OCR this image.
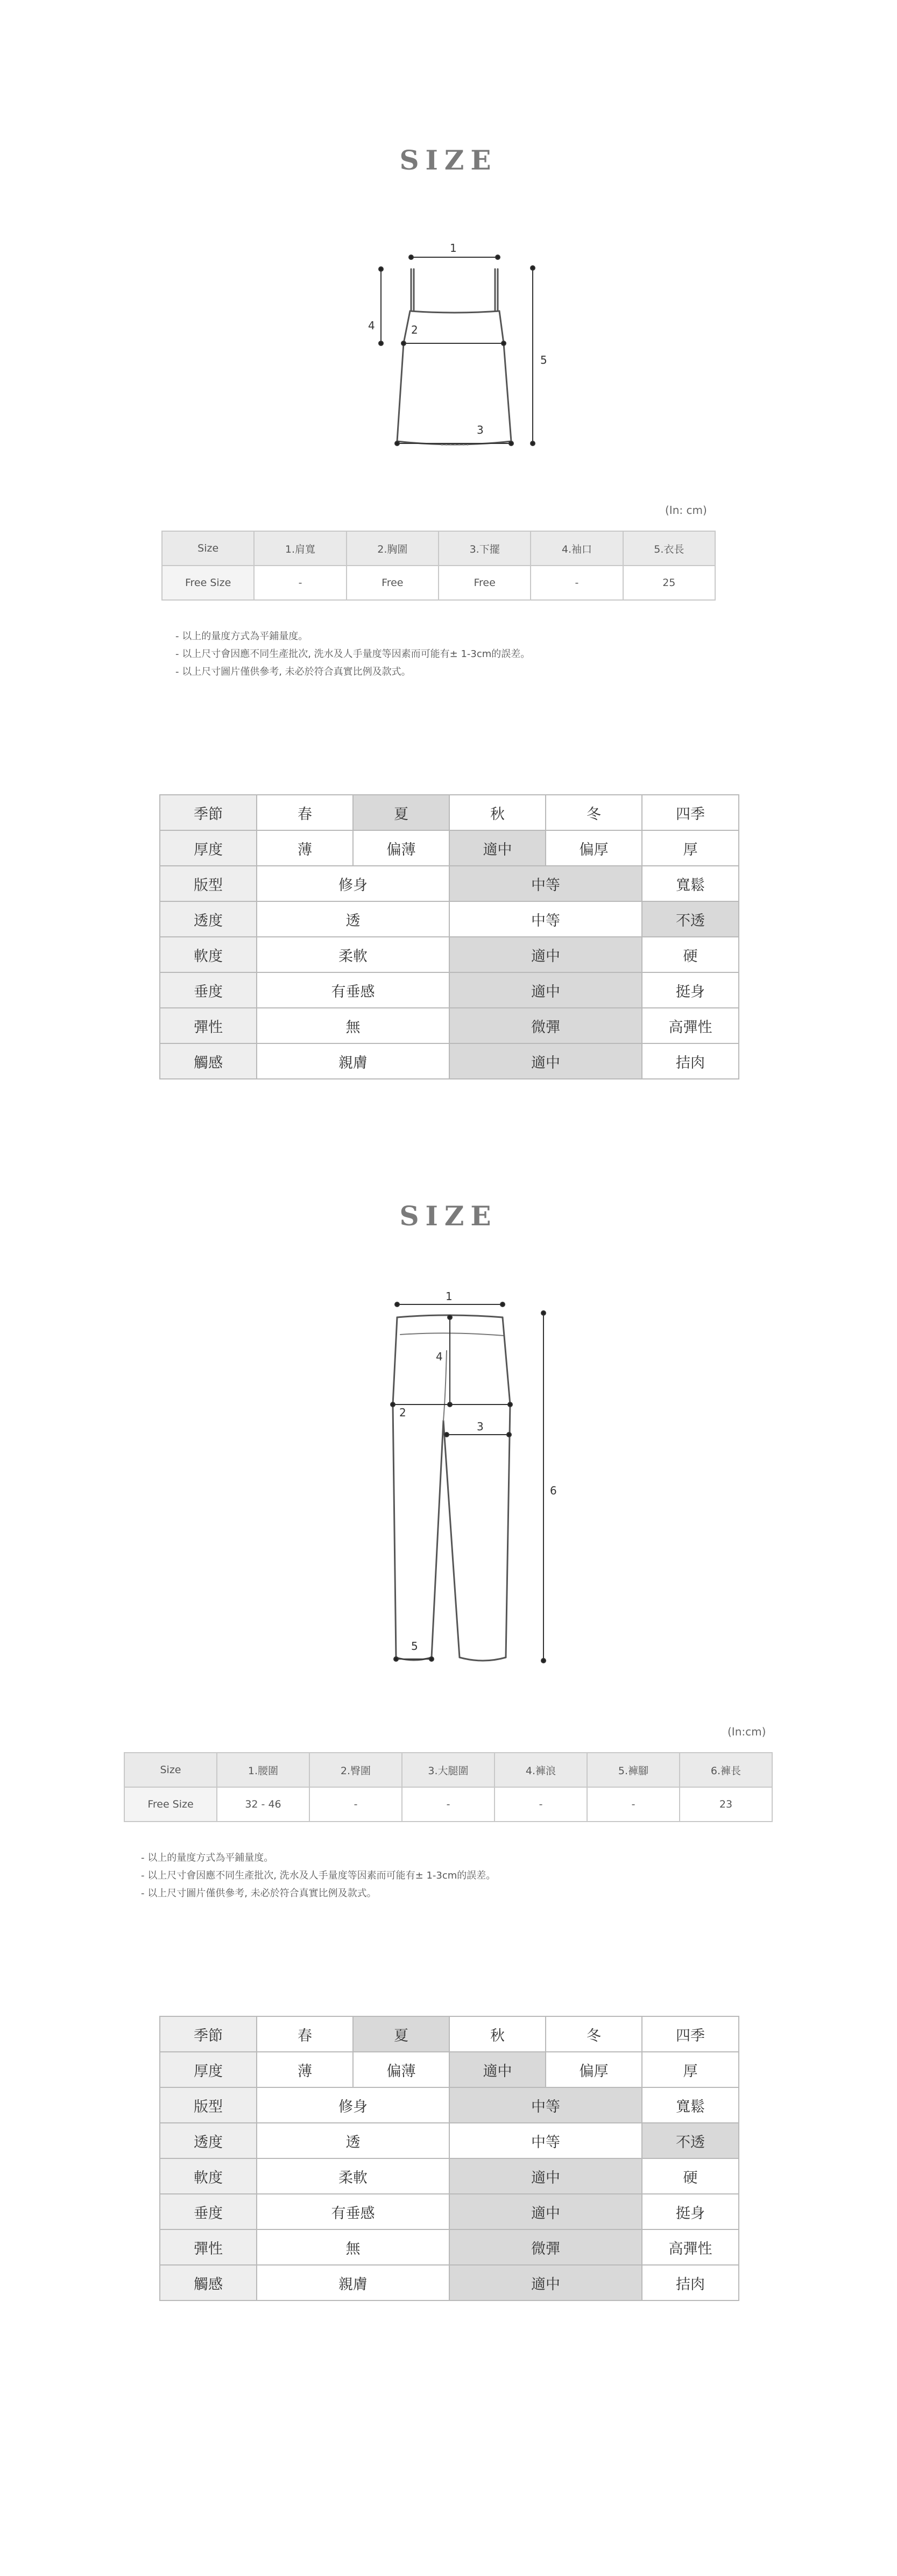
SIZE
1
2
3
4
5
(In: cm)
Size	1.肩寬	2.胸圍	3.下擺	4.袖口	5.衣長
Free Size	-	Free	Free	-	25
- 以上的量度方式為平鋪量度。
- 以上尺寸會因應不同生產批次, 洗水及人手量度等因素而可能有± 1-3cm的誤差。
- 以上尺寸圖片僅供參考, 未必於符合真實比例及款式。
季節	春	夏	秋	冬	四季
厚度	薄	偏薄	適中	偏厚	厚
版型	修身		中等		寬鬆
透度	透		中等		不透
軟度	柔軟		適中		硬
垂度	有垂感		適中		挺身
彈性	無		微彈		高彈性
觸感	親膚		適中		拮肉
SIZE
1
2
3
4
5
6
(In:cm)
Size	1.腰圍	2.臀圍	3.大腿圍	4.褲浪	5.褲腳	6.褲長
Free Size	32 - 46	-	-	-	-	23
- 以上的量度方式為平鋪量度。
- 以上尺寸會因應不同生產批次, 洗水及人手量度等因素而可能有± 1-3cm的誤差。
- 以上尺寸圖片僅供參考, 未必於符合真實比例及款式。
季節	春	夏	秋	冬	四季
厚度	薄	偏薄	適中	偏厚	厚
版型	修身		中等		寬鬆
透度	透		中等		不透
軟度	柔軟		適中		硬
垂度	有垂感		適中		挺身
彈性	無		微彈		高彈性
觸感	親膚		適中		拮肉
